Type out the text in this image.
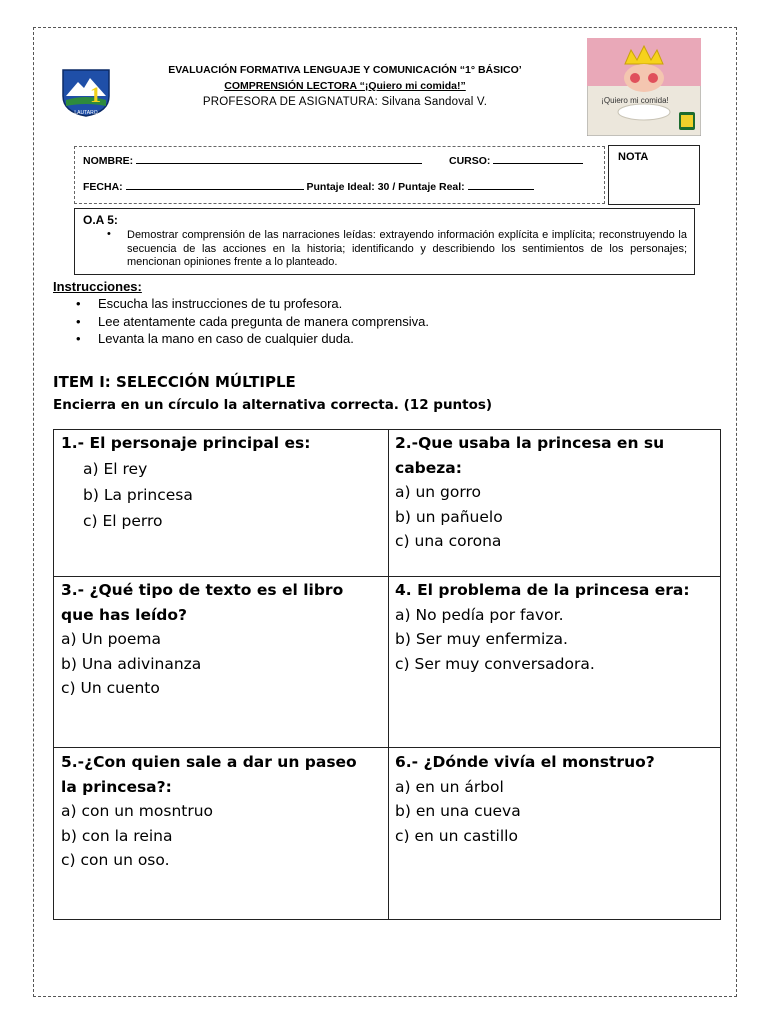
1
LAUTARO
EVALUACIÓN FORMATIVA LENGUAJE Y COMUNICACIÓN “1° BÁSICO’
COMPRENSIÓN LECTORA “¡Quiero mi comida!”
PROFESORA DE ASIGNATURA: Silvana Sandoval V.	¡Quiero mi comida!
NOMBRE:	CURSO:
FECHA:	Puntaje Ideal: 30 / Puntaje Real:
NOTA
O.A 5:
• Demostrar comprensión de las narraciones leídas: extrayendo información explícita e implícita; reconstruyendo la secuencia de las acciones en la historia; identificando y describiendo los sentimientos de los personajes; mencionan opiniones frente a lo planteado.
Instrucciones:
• Escucha las instrucciones de tu profesora.
• Lee atentamente cada pregunta de manera comprensiva.
• Levanta la mano en caso de cualquier duda.
ITEM I: SELECCIÓN MÚLTIPLE
Encierra en un círculo la alternativa correcta. (12 puntos)
1.- El personaje principal es:
a) El rey
b) La princesa
c) El perro
2.-Que usaba la princesa en su cabeza:
a) un gorro
b) un pañuelo
c) una corona
3.- ¿Qué tipo de texto es el libro que has leído?
a) Un poema
b) Una adivinanza
c) Un cuento
4. El problema de la princesa era:
a) No pedía por favor.
b) Ser muy enfermiza.
c) Ser muy conversadora.
5.-¿Con quien sale a dar un paseo la princesa?:
a) con un mosntruo
b) con la reina
c) con un oso.
6.- ¿Dónde vivía el monstruo?
a) en un árbol
b) en una cueva
c) en un castillo
